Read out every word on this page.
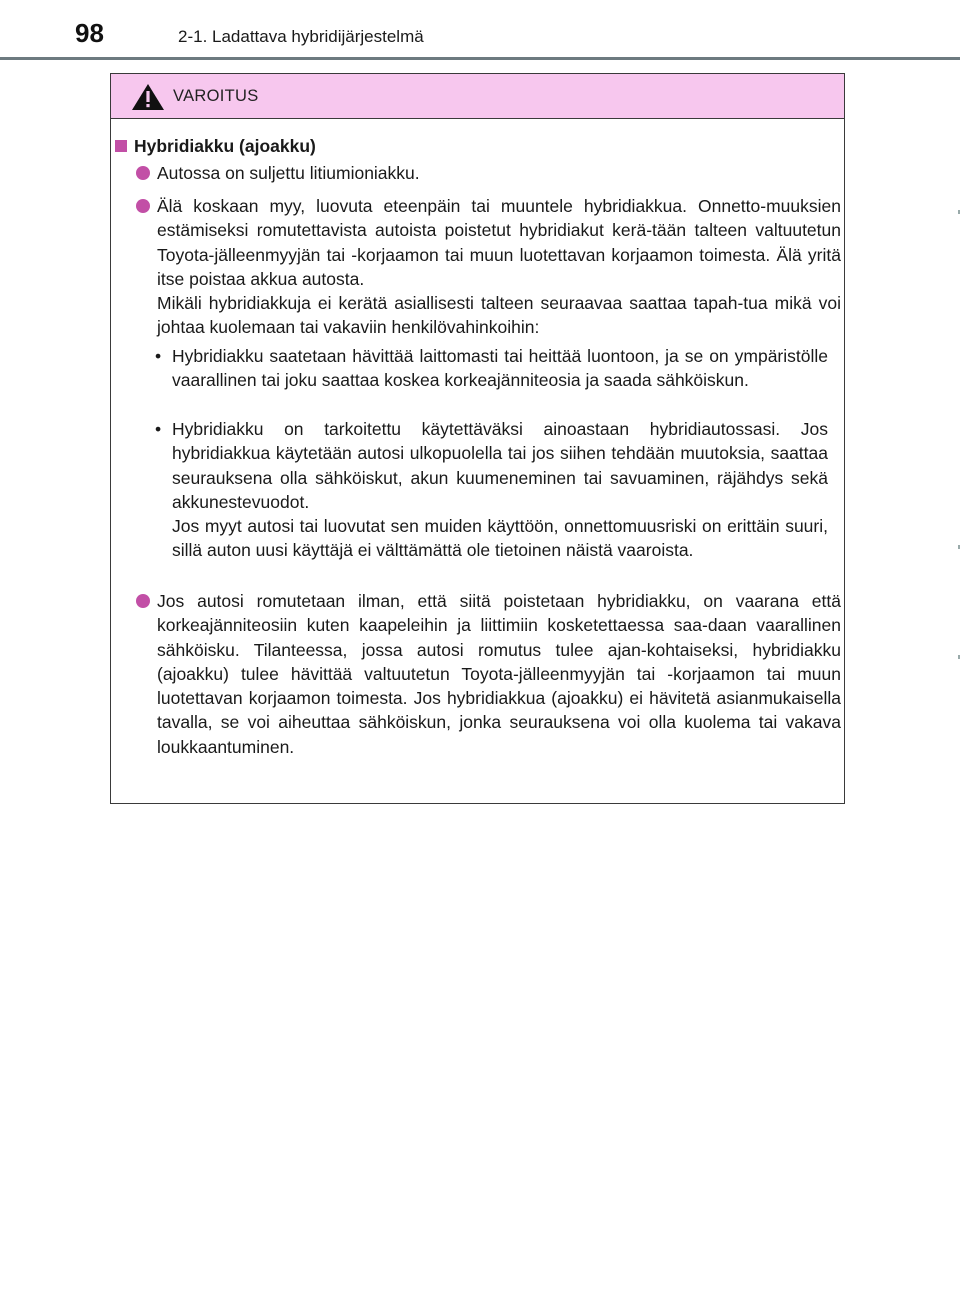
98	2-1. Ladattava hybridijärjestelmä
VAROITUS
Hybridiakku (ajoakku)
Autossa on suljettu litiumioniakku.
Älä koskaan myy, luovuta eteenpäin tai muuntele hybridiakkua. Onnetto-muuksien estämiseksi romutettavista autoista poistetut hybridiakut kerä-tään talteen valtuutetun Toyota-jälleenmyyjän tai -korjaamon tai muun luotettavan korjaamon toimesta. Älä yritä itse poistaa akkua autosta.
Mikäli hybridiakkuja ei kerätä asiallisesti talteen seuraavaa saattaa tapah-tua mikä voi johtaa kuolemaan tai vakaviin henkilövahinkoihin:
• Hybridiakku saatetaan hävittää laittomasti tai heittää luontoon, ja se on ympäristölle vaarallinen tai joku saattaa koskea korkeajänniteosia ja saada sähköiskun.
• Hybridiakku on tarkoitettu käytettäväksi ainoastaan hybridiautossasi. Jos hybridiakkua käytetään autosi ulkopuolella tai jos siihen tehdään muutoksia, saattaa seurauksena olla sähköiskut, akun kuumeneminen tai savuaminen, räjähdys sekä akkunestevuodot.
Jos myyt autosi tai luovutat sen muiden käyttöön, onnettomuusriski on erittäin suuri, sillä auton uusi käyttäjä ei välttämättä ole tietoinen näistä vaaroista.
Jos autosi romutetaan ilman, että siitä poistetaan hybridiakku, on vaarana että korkeajänniteosiin kuten kaapeleihin ja liittimiin kosketettaessa saa-daan vaarallinen sähköisku. Tilanteessa, jossa autosi romutus tulee ajan-kohtaiseksi, hybridiakku (ajoakku) tulee hävittää valtuutetun Toyota-jälleenmyyjän tai -korjaamon tai muun luotettavan korjaamon toimesta. Jos hybridiakkua (ajoakku) ei hävitetä asianmukaisella tavalla, se voi aiheuttaa sähköiskun, jonka seurauksena voi olla kuolema tai vakava loukkaantuminen.
